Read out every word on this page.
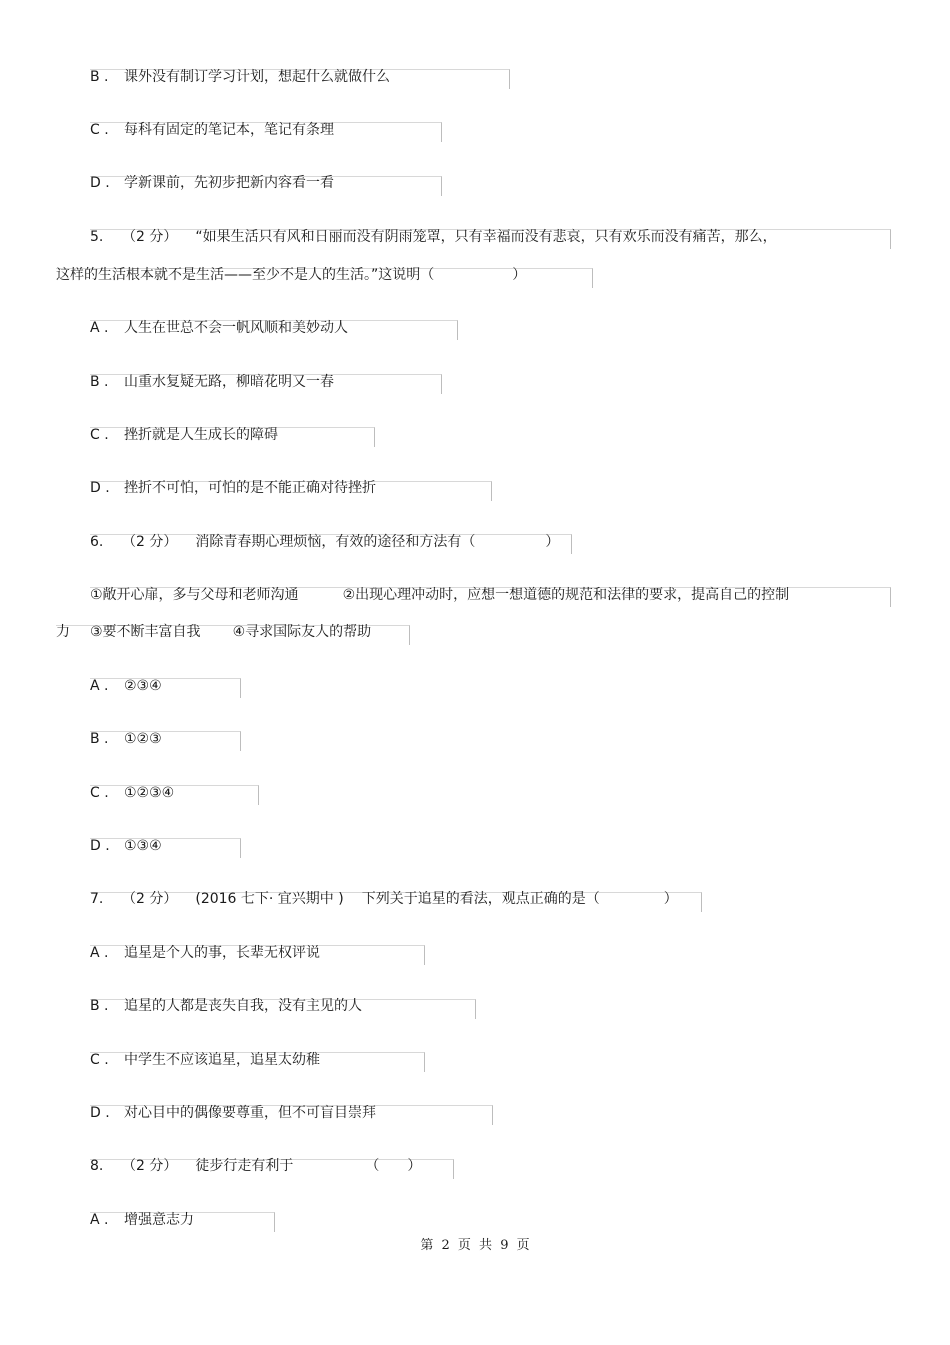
B . 课外没有制订学习计划，想起什么就做什么
C . 每科有固定的笔记本，笔记有条理
D . 学新课前，先初步把新内容看一看
5. （2 分） “如果生活只有风和日丽而没有阴雨笼罩，只有幸福而没有悲哀，只有欢乐而没有痛苦，那么，
这样的生活根本就不是生活——至少不是人的生活。”这说明（	）
A . 人生在世总不会一帆风顺和美妙动人
B . 山重水复疑无路，柳暗花明又一春
C . 挫折就是人生成长的障碍
D . 挫折不可怕，可怕的是不能正确对待挫折
6. （2 分） 消除青春期心理烦恼，有效的途径和方法有（	）
①敞开心扉，多与父母和老师沟通	②出现心理冲动时，应想一想道德的规范和法律的要求，提高自己的控制
力 ③要不断丰富自我 ④寻求国际友人的帮助
A . ②③④
B . ①②③
C . ①②③④
D . ①③④
7. （2 分） (2016 七下· 宜兴期中 ) 下列关于追星的看法，观点正确的是（	）
A . 追星是个人的事，长辈无权评说
B . 追星的人都是丧失自我，没有主见的人
C . 中学生不应该追星，追星太幼稚
D . 对心目中的偶像要尊重，但不可盲目崇拜
8. （2 分） 徒步行走有利于	（　　）
A . 增强意志力
第 2 页 共 9 页
